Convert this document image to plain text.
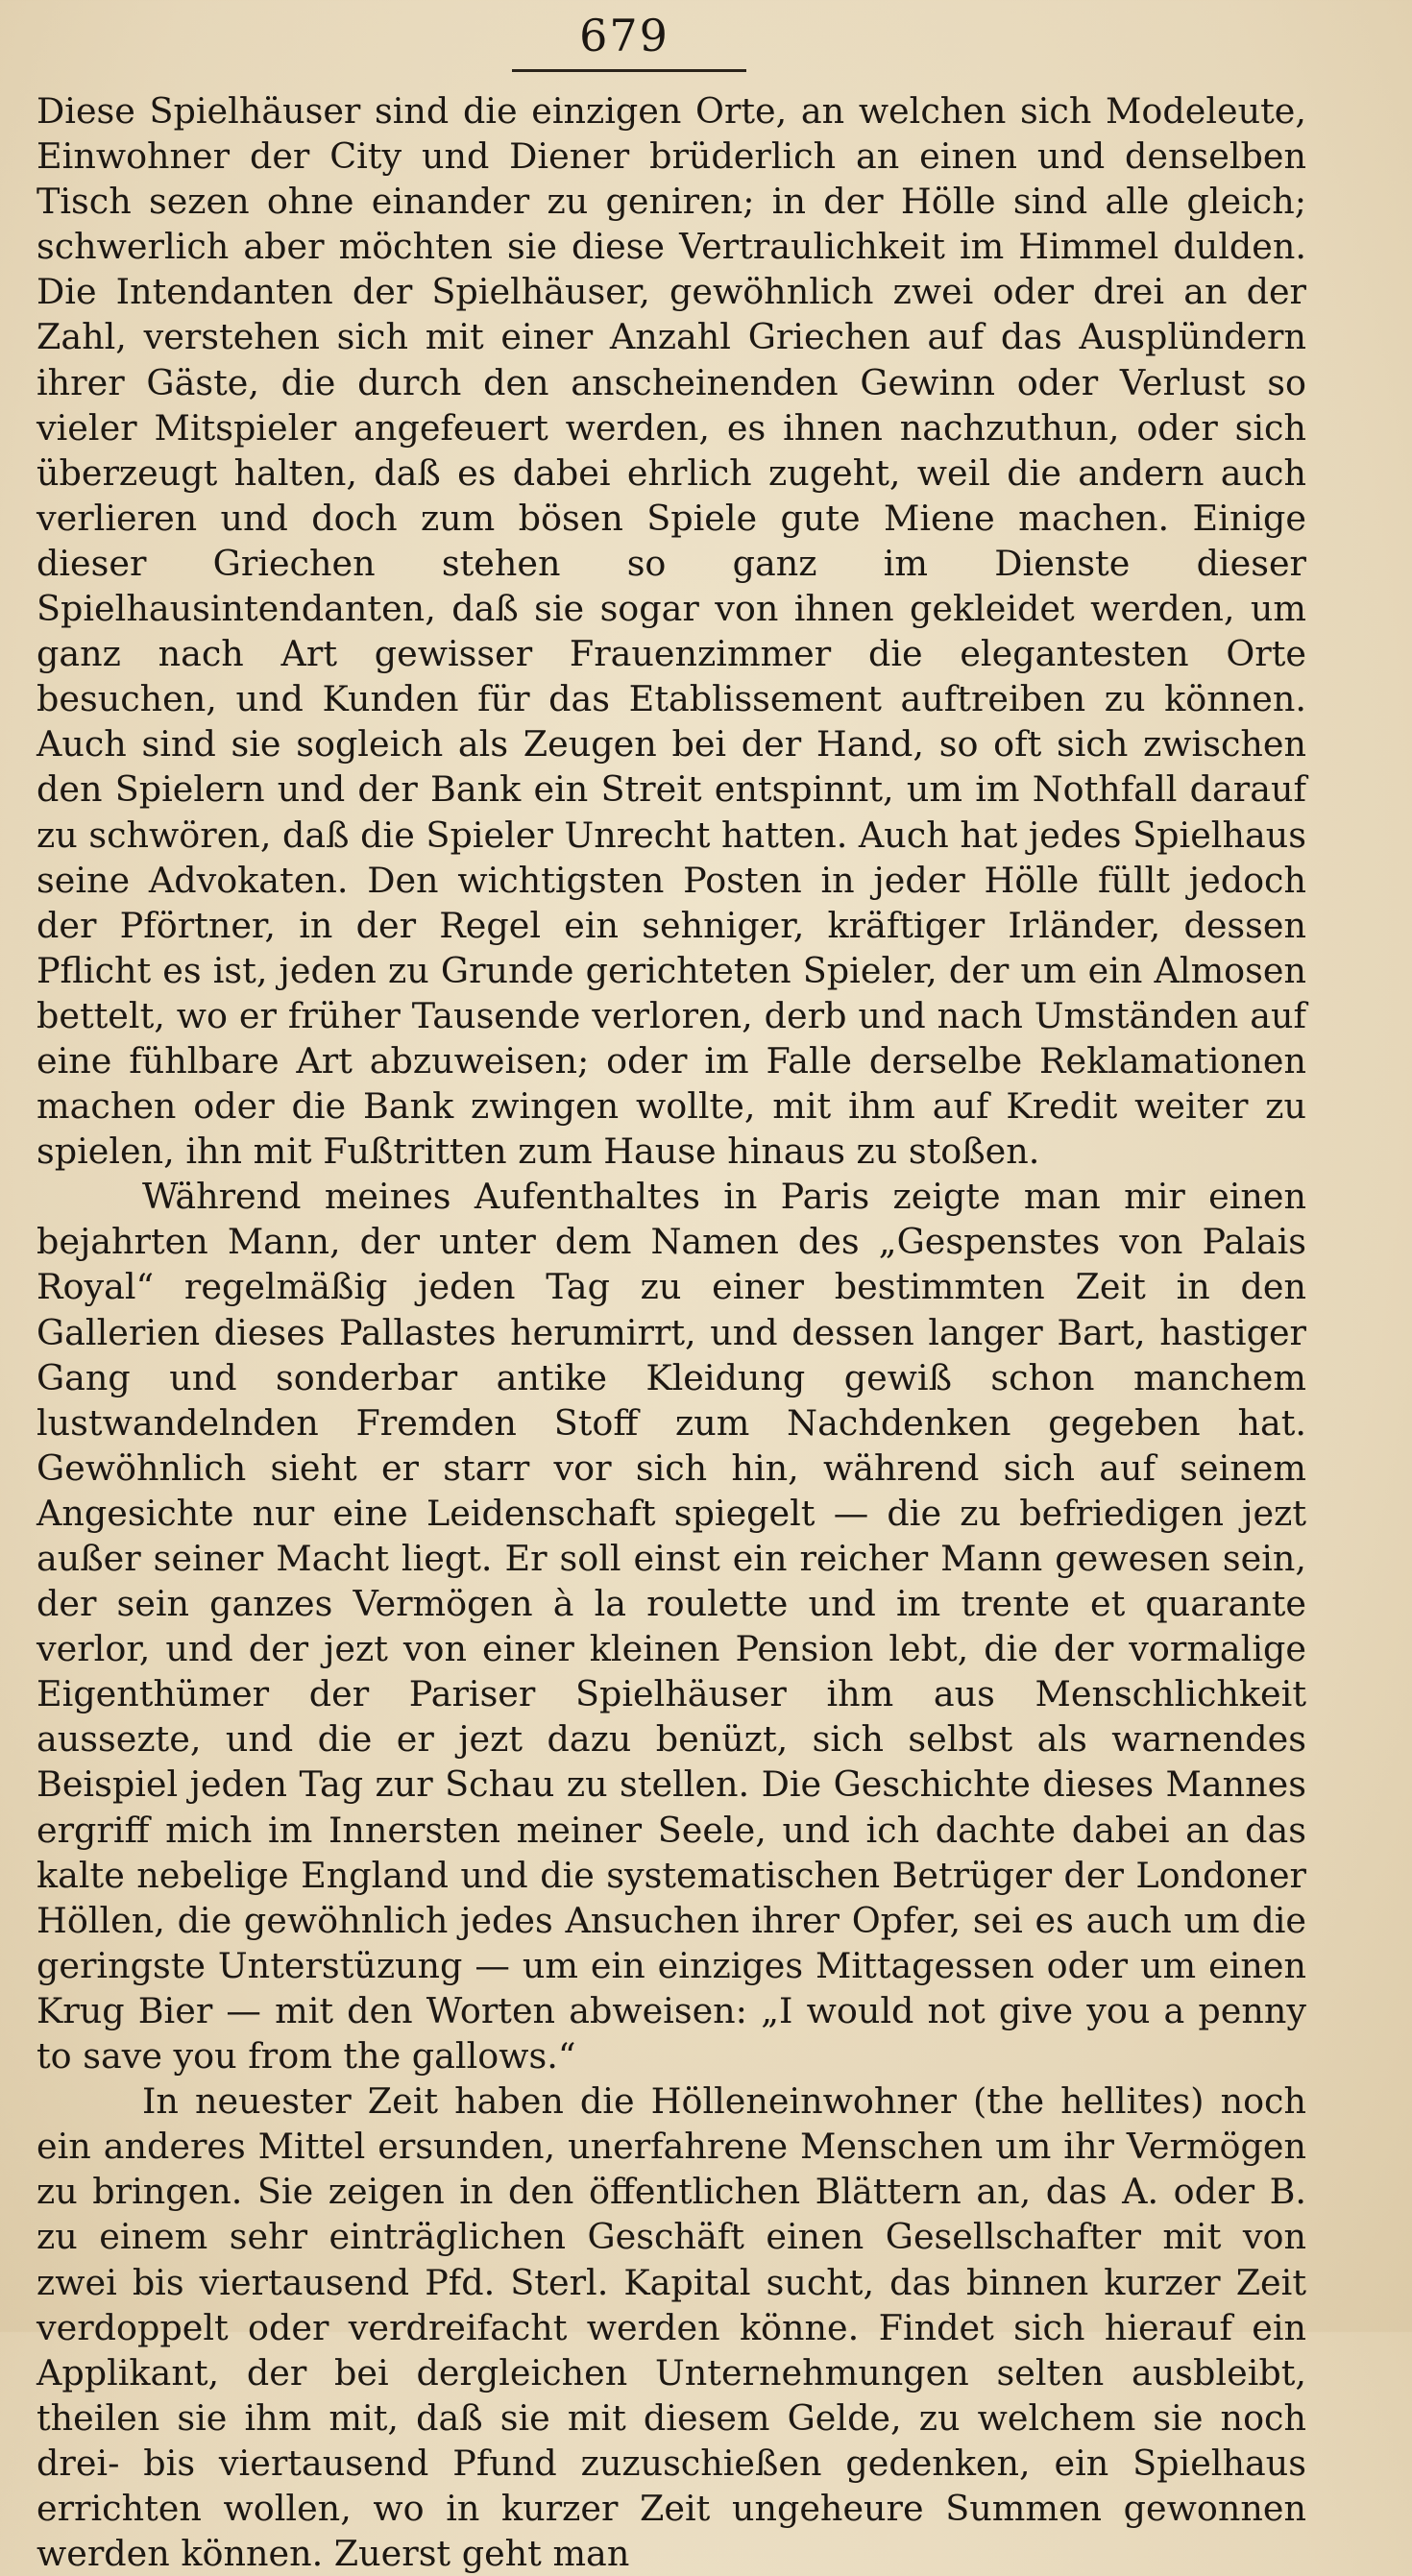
679

Diese Spielhäuser sind die einzigen Orte, an welchen sich Modeleute, Einwohner der City und Diener brüderlich an einen und denselben Tisch sezen ohne einander zu geniren; in der Hölle sind alle gleich; schwerlich aber möchten sie diese Vertraulichkeit im Himmel dulden. Die Intendanten der Spielhäuser, gewöhnlich zwei oder drei an der Zahl, verstehen sich mit einer Anzahl Griechen auf das Ausplündern ihrer Gäste, die durch den anscheinenden Gewinn oder Verlust so vieler Mitspieler angefeuert werden, es ihnen nachzuthun, oder sich überzeugt halten, daß es dabei ehrlich zugeht, weil die andern auch verlieren und doch zum bösen Spiele gute Miene machen. Einige dieser Griechen stehen so ganz im Dienste dieser Spielhausintendanten, daß sie sogar von ihnen gekleidet werden, um ganz nach Art gewisser Frauenzimmer die elegantesten Orte besuchen, und Kunden für das Etablissement auftreiben zu können. Auch sind sie sogleich als Zeugen bei der Hand, so oft sich zwischen den Spielern und der Bank ein Streit entspinnt, um im Nothfall darauf zu schwören, daß die Spieler Unrecht hatten. Auch hat jedes Spielhaus seine Advokaten. Den wichtigsten Posten in jeder Hölle füllt jedoch der Pförtner, in der Regel ein sehniger, kräftiger Irländer, dessen Pflicht es ist, jeden zu Grunde gerichteten Spieler, der um ein Almosen bettelt, wo er früher Tausende verloren, derb und nach Umständen auf eine fühlbare Art abzuweisen; oder im Falle derselbe Reklamationen machen oder die Bank zwingen wollte, mit ihm auf Kredit weiter zu spielen, ihn mit Fußtritten zum Hause hinaus zu stoßen.

Während meines Aufenthaltes in Paris zeigte man mir einen bejahrten Mann, der unter dem Namen des „Gespenstes von Palais Royal“ regelmäßig jeden Tag zu einer bestimmten Zeit in den Gallerien dieses Pallastes herumirrt, und dessen langer Bart, hastiger Gang und sonderbar antike Kleidung gewiß schon manchem lustwandelnden Fremden Stoff zum Nachdenken gegeben hat. Gewöhnlich sieht er starr vor sich hin, während sich auf seinem Angesichte nur eine Leidenschaft spiegelt — die zu befriedigen jezt außer seiner Macht liegt. Er soll einst ein reicher Mann gewesen sein, der sein ganzes Vermögen à la roulette und im trente et quarante verlor, und der jezt von einer kleinen Pension lebt, die der vormalige Eigenthümer der Pariser Spielhäuser ihm aus Menschlichkeit aussezte, und die er jezt dazu benüzt, sich selbst als warnendes Beispiel jeden Tag zur Schau zu stellen. Die Geschichte dieses Mannes ergriff mich im Innersten meiner Seele, und ich dachte dabei an das kalte nebelige England und die systematischen Betrüger der Londoner Höllen, die gewöhnlich jedes Ansuchen ihrer Opfer, sei es auch um die geringste Unterstüzung — um ein einziges Mittagessen oder um einen Krug Bier — mit den Worten abweisen: „I would not give you a penny to save you from the gallows.“

In neuester Zeit haben die Hölleneinwohner (the hellites) noch ein anderes Mittel ersunden, unerfahrene Menschen um ihr Vermögen zu bringen. Sie zeigen in den öffentlichen Blättern an, das A. oder B. zu einem sehr einträglichen Geschäft einen Gesellschafter mit von zwei bis viertausend Pfd. Sterl. Kapital sucht, das binnen kurzer Zeit verdoppelt oder verdreifacht werden könne. Findet sich hierauf ein Applikant, der bei dergleichen Unternehmungen selten ausbleibt, theilen sie ihm mit, daß sie mit diesem Gelde, zu welchem sie noch drei- bis viertausend Pfund zuzuschießen gedenken, ein Spielhaus errichten wollen, wo in kurzer Zeit ungeheure Summen gewonnen werden können. Zuerst geht man
